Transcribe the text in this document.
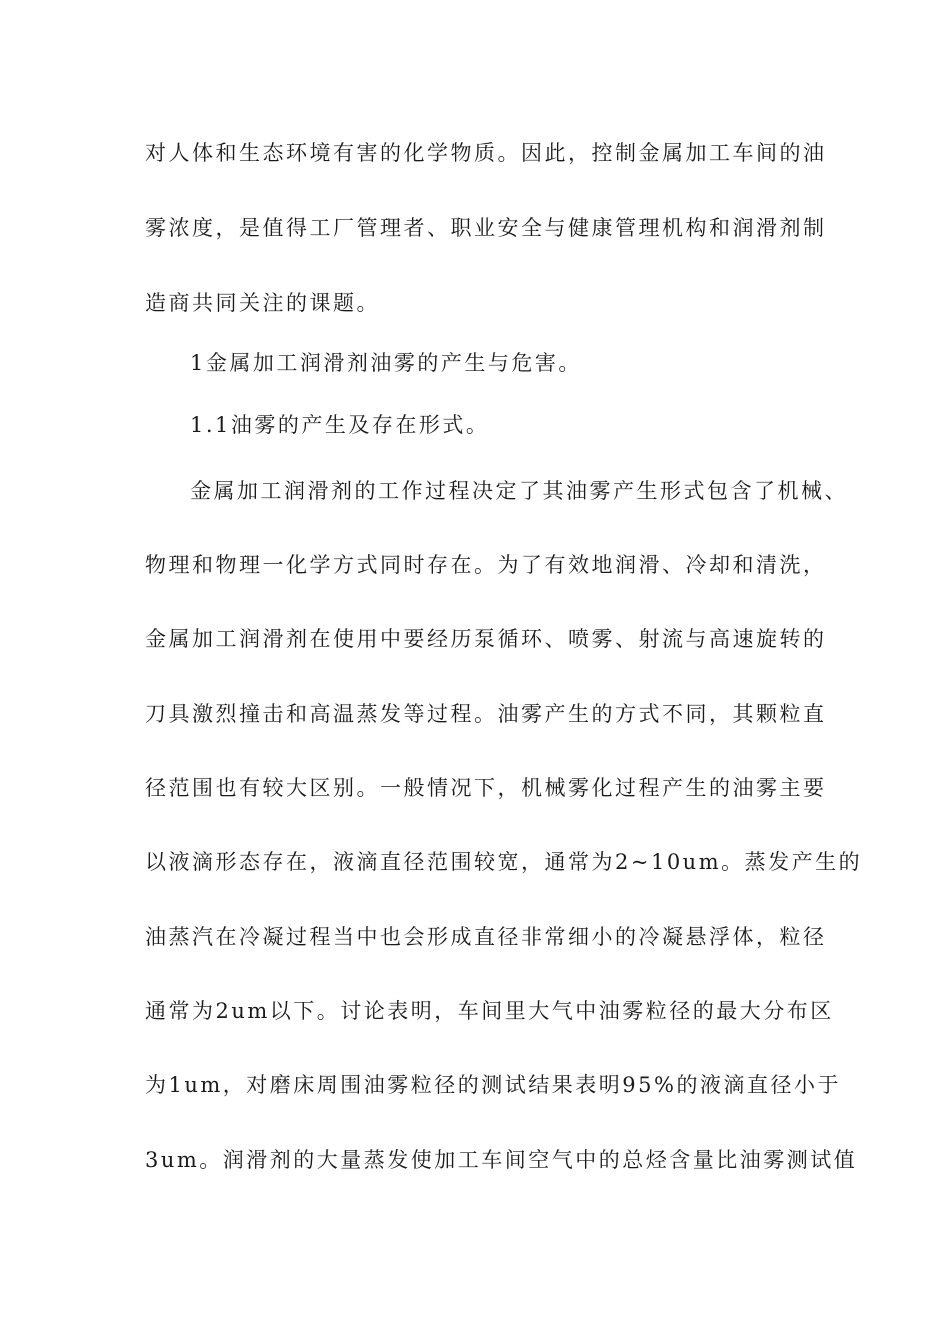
对人体和生态环境有害的化学物质。因此，控制金属加工车间的油
雾浓度，是值得工厂管理者、职业安全与健康管理机构和润滑剂制
造商共同关注的课题。
1金属加工润滑剂油雾的产生与危害。
1.1油雾的产生及存在形式。
金属加工润滑剂的工作过程决定了其油雾产生形式包含了机械、
物理和物理一化学方式同时存在。为了有效地润滑、冷却和清洗，
金属加工润滑剂在使用中要经历泵循环、喷雾、射流与高速旋转的
刀具激烈撞击和高温蒸发等过程。油雾产生的方式不同，其颗粒直
径范围也有较大区别。一般情况下，机械雾化过程产生的油雾主要
以液滴形态存在，液滴直径范围较宽，通常为2~10um。蒸发产生的
油蒸汽在冷凝过程当中也会形成直径非常细小的冷凝悬浮体，粒径
通常为2um以下。讨论表明，车间里大气中油雾粒径的最大分布区
为1um，对磨床周围油雾粒径的测试结果表明95%的液滴直径小于
3um。润滑剂的大量蒸发使加工车间空气中的总烃含量比油雾测试值
